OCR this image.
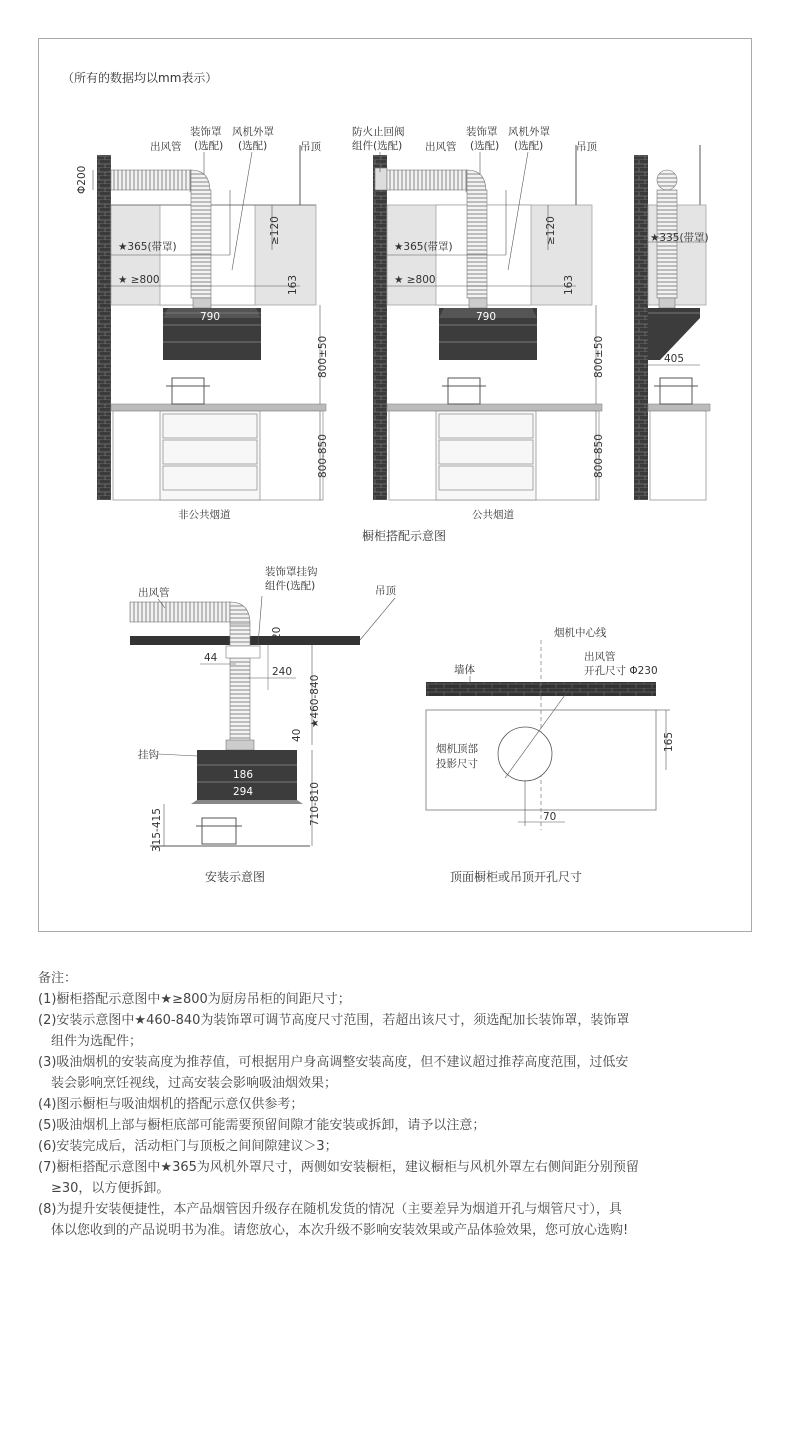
（所有的数据均以mm表示）
Φ200
★365(带罩)
★ ≥800
≥120
163
790
800±50
800-850
装饰罩
(选配)
风机外罩
(选配)
出风管	吊顶
非公共烟道
★365(带罩)
★ ≥800
≥120
163
790
800±50
800-850
防火止回阀
组件(选配) 出风管
装饰罩
(选配)
风机外罩
(选配)	吊顶
公共烟道
★335(带罩)
405
橱柜搭配示意图
出风管
装饰罩挂钩
组件(选配)	吊顶
挂钩
20
44
240
★460-840
40
186
294	710-810
315-415
安装示意图
165
70
烟机中心线
墙体
出风管
开孔尺寸 Φ230
烟机顶部
投影尺寸
顶面橱柜或吊顶开孔尺寸
备注：
(1)橱柜搭配示意图中★≥800为厨房吊柜的间距尺寸；
(2)安装示意图中★460-840为装饰罩可调节高度尺寸范围，若超出该尺寸，须选配加长装饰罩，装饰罩
组件为选配件；
(3)吸油烟机的安装高度为推荐值，可根据用户身高调整安装高度，但不建议超过推荐高度范围，过低安
装会影响烹饪视线，过高安装会影响吸油烟效果；
(4)图示橱柜与吸油烟机的搭配示意仅供参考；
(5)吸油烟机上部与橱柜底部可能需要预留间隙才能安装或拆卸，请予以注意；
(6)安装完成后，活动柜门与顶板之间间隙建议＞3；
(7)橱柜搭配示意图中★365为风机外罩尺寸，两侧如安装橱柜，建议橱柜与风机外罩左右侧间距分别预留
≥30，以方便拆卸。
(8)为提升安装便捷性，本产品烟管因升级存在随机发货的情况（主要差异为烟道开孔与烟管尺寸），具
体以您收到的产品说明书为准。请您放心，本次升级不影响安装效果或产品体验效果，您可放心选购!
